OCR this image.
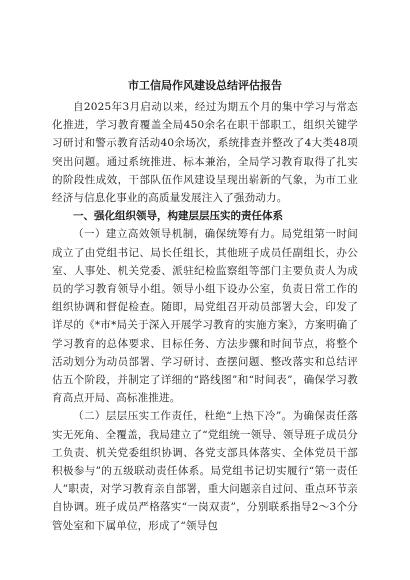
市工信局作风建设总结评估报告

自2025年3月启动以来，经过为期五个月的集中学习与常态化推进，学习教育覆盖全局450余名在职干部职工，组织关键学习研讨和警示教育活动40余场次，系统排查并整改了4大类48项突出问题。通过系统推进、标本兼治，全局学习教育取得了扎实的阶段性成效，干部队伍作风建设呈现出崭新的气象，为市工业经济与信息化事业的高质量发展注入了强劲动力。

一、强化组织领导，构建层层压实的责任体系

（一）建立高效领导机制，确保统筹有力。局党组第一时间成立了由党组书记、局长任组长，其他班子成员任副组长，办公室、人事处、机关党委、派驻纪检监察组等部门主要负责人为成员的学习教育领导小组。领导小组下设办公室，负责日常工作的组织协调和督促检查。随即，局党组召开动员部署大会，印发了详尽的《*市*局关于深入开展学习教育的实施方案》，方案明确了学习教育的总体要求、目标任务、方法步骤和时间节点，将整个活动划分为动员部署、学习研讨、查摆问题、整改落实和总结评估五个阶段，并制定了详细的“路线图”和“时间表”，确保学习教育高点开局、高标准推进。

（二）层层压实工作责任，杜绝“上热下冷”。为确保责任落实无死角、全覆盖，我局建立了“党组统一领导、领导班子成员分工负责、机关党委组织协调、各党支部具体落实、全体党员干部积极参与”的五级联动责任体系。局党组书记切实履行“第一责任人”职责，对学习教育亲自部署，重大问题亲自过问、重点环节亲自协调。班子成员严格落实“一岗双责”，分别联系指导2～3个分管处室和下属单位，形成了“领导包
